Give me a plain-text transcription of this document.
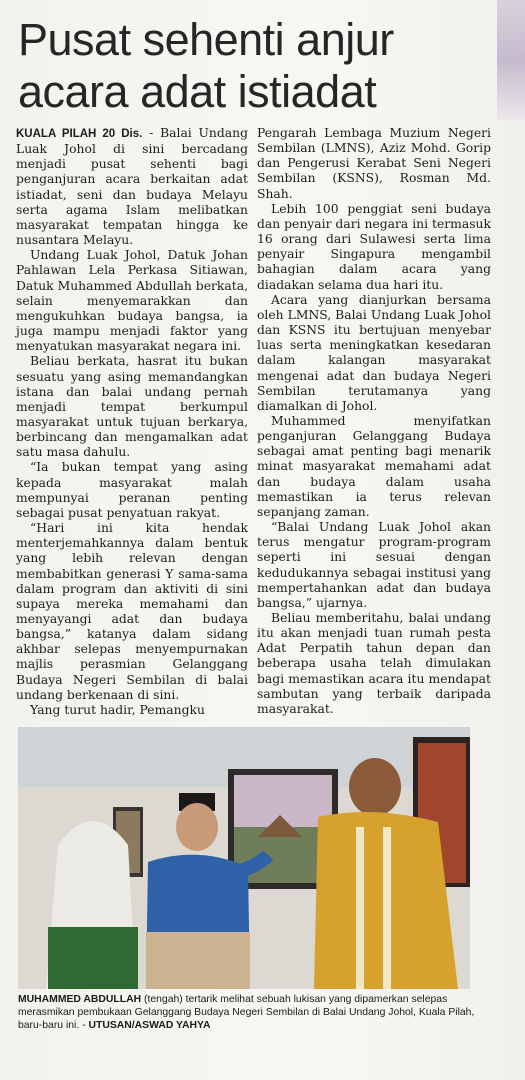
Pusat sehenti anjur
acara adat istiadat

KUALA PILAH 20 Dis. - Balai Undang Luak Johol di sini bercadang menjadi pusat sehenti bagi penganjuran acara berkaitan adat istiadat, seni dan budaya Melayu serta agama Islam melibatkan masyarakat tempatan hingga ke nusantara Melayu.

Undang Luak Johol, Datuk Johan Pahlawan Lela Perkasa Sitiawan, Datuk Muhammed Abdullah berkata, selain menyemarakkan dan mengukuhkan budaya bangsa, ia juga mampu menjadi faktor yang menyatukan masyarakat negara ini.

Beliau berkata, hasrat itu bukan sesuatu yang asing memandangkan istana dan balai undang pernah menjadi tempat berkumpul masyarakat untuk tujuan berkarya, berbincang dan mengamalkan adat satu masa dahulu.

“Ia bukan tempat yang asing kepada masyarakat malah mempunyai peranan penting sebagai pusat penyatuan rakyat.

“Hari ini kita hendak menterjemahkannya dalam bentuk yang lebih relevan dengan membabitkan generasi Y sama-sama dalam program dan aktiviti di sini supaya mereka memahami dan menyayangi adat dan budaya bangsa,” katanya dalam sidang akhbar selepas menyempurnakan majlis perasmian Gelanggang Budaya Negeri Sembilan di balai undang berkenaan di sini.

Yang turut hadir, Pemangku

Pengarah Lembaga Muzium Negeri Sembilan (LMNS), Aziz Mohd. Gorip dan Pengerusi Kerabat Seni Negeri Sembilan (KSNS), Rosman Md. Shah.

Lebih 100 penggiat seni budaya dan penyair dari negara ini termasuk 16 orang dari Sulawesi serta lima penyair Singapura mengambil bahagian dalam acara yang diadakan selama dua hari itu.

Acara yang dianjurkan bersama oleh LMNS, Balai Undang Luak Johol dan KSNS itu bertujuan menyebar luas serta meningkatkan kesedaran dalam kalangan masyarakat mengenai adat dan budaya Negeri Sembilan terutamanya yang diamalkan di Johol.

Muhammed menyifatkan penganjuran Gelanggang Budaya sebagai amat penting bagi menarik minat masyarakat memahami adat dan budaya dalam usaha memastikan ia terus relevan sepanjang zaman.

“Balai Undang Luak Johol akan terus mengatur program-program seperti ini sesuai dengan kedudukannya sebagai institusi yang mempertahankan adat dan budaya bangsa,” ujarnya.

Beliau memberitahu, balai undang itu akan menjadi tuan rumah pesta Adat Perpatih tahun depan dan beberapa usaha telah dimulakan bagi memastikan acara itu mendapat sambutan yang terbaik daripada masyarakat.

MUHAMMED ABDULLAH (tengah) tertarik melihat sebuah lukisan yang dipamerkan selepas merasmikan pembukaan Gelanggang Budaya Negeri Sembilan di Balai Undang Johol, Kuala Pilah, baru-baru ini. - UTUSAN/ASWAD YAHYA
